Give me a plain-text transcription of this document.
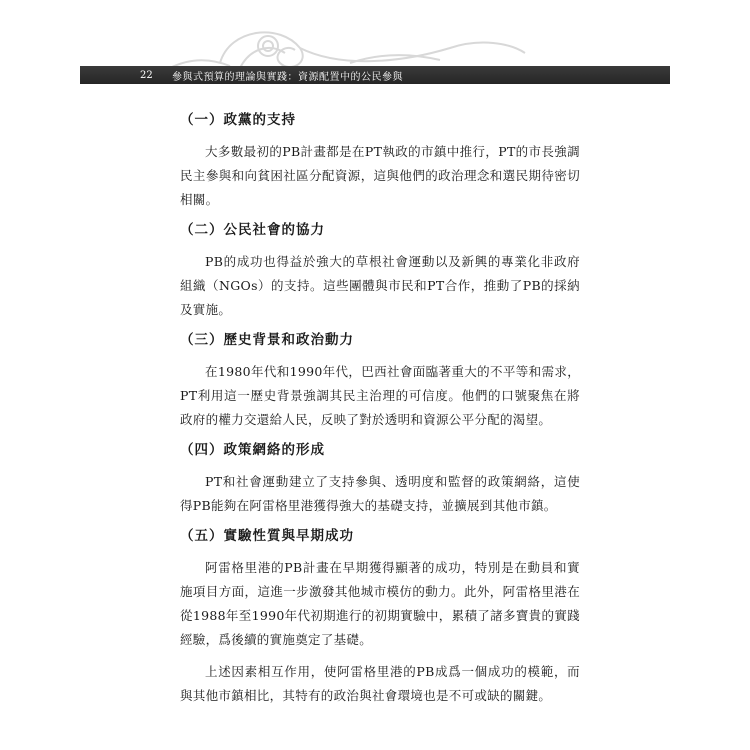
22	參與式預算的理論與實踐：資源配置中的公民參與
（一）政黨的支持

大多數最初的PB計畫都是在PT執政的市鎮中推行，PT的市長強調民主參與和向貧困社區分配資源，這與他們的政治理念和選民期待密切相關。

（二）公民社會的協力

PB的成功也得益於強大的草根社會運動以及新興的專業化非政府組織（NGOs）的支持。這些團體與市民和PT合作，推動了PB的採納及實施。

（三）歷史背景和政治動力

在1980年代和1990年代，巴西社會面臨著重大的不平等和需求，PT利用這一歷史背景強調其民主治理的可信度。他們的口號聚焦在將政府的權力交還給人民，反映了對於透明和資源公平分配的渴望。

（四）政策網絡的形成

PT和社會運動建立了支持參與、透明度和監督的政策網絡，這使得PB能夠在阿雷格里港獲得強大的基礎支持，並擴展到其他市鎮。

（五）實驗性質與早期成功

阿雷格里港的PB計畫在早期獲得顯著的成功，特別是在動員和實施項目方面，這進一步激發其他城市模仿的動力。此外，阿雷格里港在從1988年至1990年代初期進行的初期實驗中，累積了諸多寶貴的實踐經驗，爲後續的實施奠定了基礎。

上述因素相互作用，使阿雷格里港的PB成爲一個成功的模範，而與其他市鎮相比，其特有的政治與社會環境也是不可或缺的關鍵。
